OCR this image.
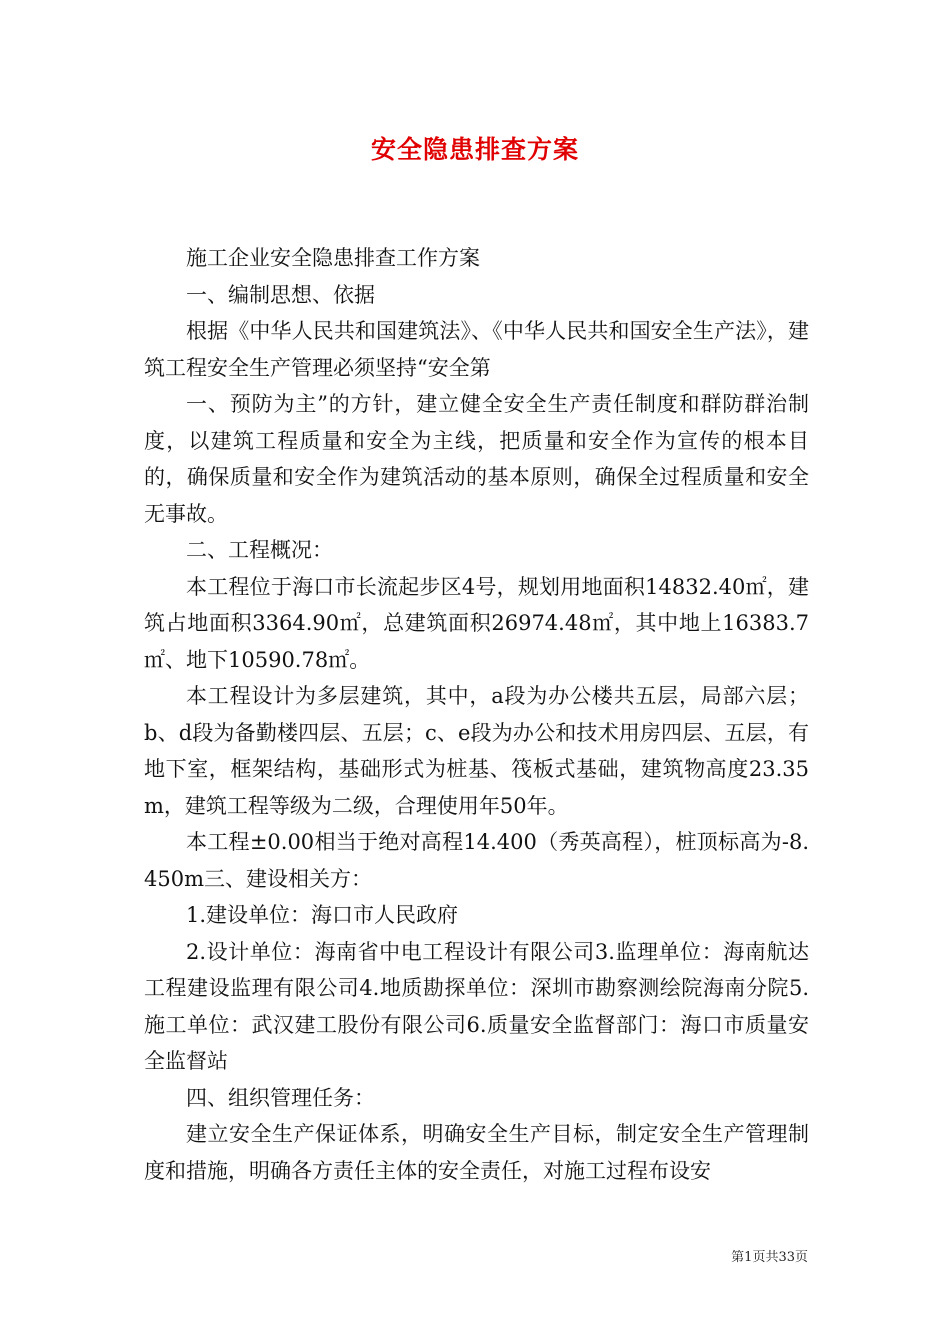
安全隐患排查方案

施工企业安全隐患排查工作方案

一、编制思想、依据

根据《中华人民共和国建筑法》、《中华人民共和国安全生产法》，建筑工程安全生产管理必须坚持“安全第

一、预防为主”的方针，建立健全安全生产责任制度和群防群治制度，以建筑工程质量和安全为主线，把质量和安全作为宣传的根本目的，确保质量和安全作为建筑活动的基本原则，确保全过程质量和安全无事故。

二、工程概况：

本工程位于海口市长流起步区4号，规划用地面积14832.40㎡，建筑占地面积3364.90㎡，总建筑面积26974.48㎡，其中地上16383.7㎡、地下10590.78㎡。

本工程设计为多层建筑，其中，a段为办公楼共五层，局部六层；b、d段为备勤楼四层、五层；c、e段为办公和技术用房四层、五层，有地下室，框架结构，基础形式为桩基、筏板式基础，建筑物高度23.35m，建筑工程等级为二级，合理使用年50年。

本工程±0.00相当于绝对高程14.400（秀英高程），桩顶标高为-8.450m三、建设相关方：

1.建设单位：海口市人民政府

2.设计单位：海南省中电工程设计有限公司3.监理单位：海南航达工程建设监理有限公司4.地质勘探单位：深圳市勘察测绘院海南分院5.施工单位：武汉建工股份有限公司6.质量安全监督部门：海口市质量安全监督站

四、组织管理任务：

建立安全生产保证体系，明确安全生产目标，制定安全生产管理制度和措施，明确各方责任主体的安全责任，对施工过程布设安

第1页共33页
